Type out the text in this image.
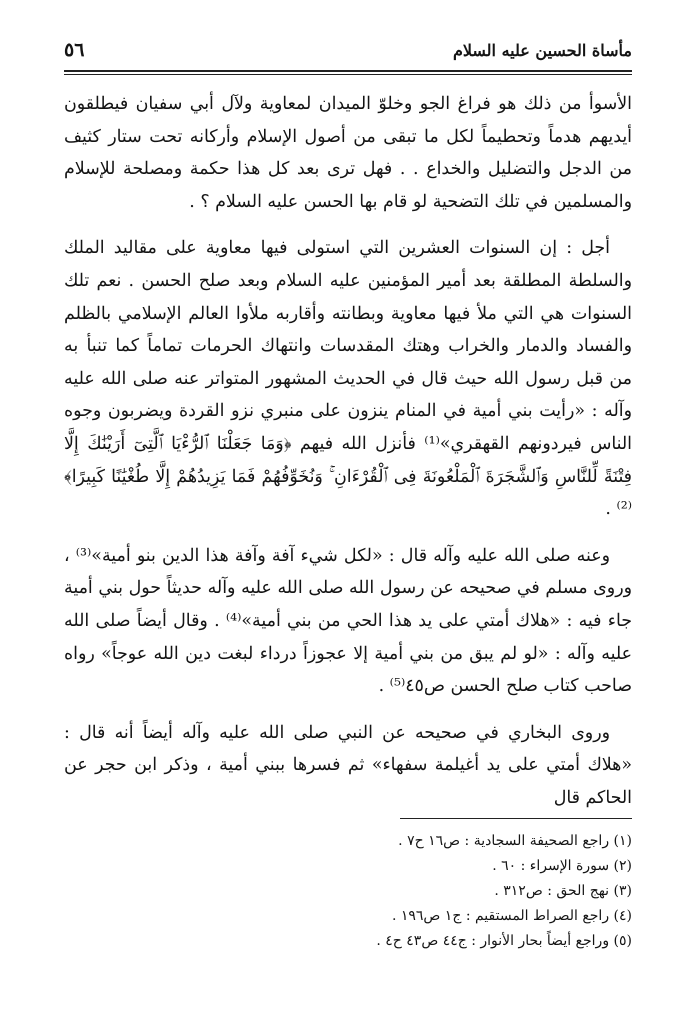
مأساة الحسين عليه السلام
٥٦

الأسوأ من ذلك هو فراغ الجو وخلوّ الميدان لمعاوية ولآل أبي سفيان فيطلقون أيديهم هدماً وتحطيماً لكل ما تبقى من أصول الإسلام وأركانه تحت ستار كثيف من الدجل والتضليل والخداع . . فهل ترى بعد كل هذا حكمة ومصلحة للإسلام والمسلمين في تلك التضحية لو قام بها الحسن عليه السلام ؟ .

أجل : إن السنوات العشرين التي استولى فيها معاوية على مقاليد الملك والسلطة المطلقة بعد أمير المؤمنين عليه السلام وبعد صلح الحسن . نعم تلك السنوات هي التي ملأ فيها معاوية وبطانته وأقاربه ملأوا العالم الإسلامي بالظلم والفساد والدمار والخراب وهتك المقدسات وانتهاك الحرمات تماماً كما تنبأ به من قبل رسول الله حيث قال في الحديث المشهور المتواتر عنه صلى الله عليه وآله : «رأيت بني أمية في المنام ينزون على منبري نزو القردة ويضربون وجوه الناس فيردونهم القهقري»⁽¹⁾ فأنزل الله فيهم ﴿وَمَا جَعَلْنَا ٱلرُّءْيَا ٱلَّتِىٓ أَرَيْنَٰكَ إِلَّا فِتْنَةً لِّلنَّاسِ وَٱلشَّجَرَةَ ٱلْمَلْعُونَةَ فِى ٱلْقُرْءَانِ ۚ وَنُخَوِّفُهُمْ فَمَا يَزِيدُهُمْ إِلَّا طُغْيَٰنًا كَبِيرًا﴾⁽²⁾ .

وعنه صلى الله عليه وآله قال : «لكل شيء آفة وآفة هذا الدين بنو أمية»⁽³⁾ ، وروى مسلم في صحيحه عن رسول الله صلى الله عليه وآله حديثاً حول بني أمية جاء فيه : «هلاك أمتي على يد هذا الحي من بني أمية»⁽⁴⁾ . وقال أيضاً صلى الله عليه وآله : «لو لم يبق من بني أمية إلا عجوزاً درداء لبغت دين الله عوجاً» رواه صاحب كتاب صلح الحسن ص٤٥⁽⁵⁾ .

وروى البخاري في صحيحه عن النبي صلى الله عليه وآله أيضاً أنه قال : «هلاك أمتي على يد أغيلمة سفهاء» ثم فسرها ببني أمية ، وذكر ابن حجر عن الحاكم قال

(١) راجع الصحيفة السجادية : ص١٦ ح٧ .

(٢) سورة الإسراء : ٦٠ .

(٣) نهج الحق : ص٣١٢ .

(٤) راجع الصراط المستقيم : ج١ ص١٩٦ .

(٥) وراجع أيضاً بحار الأنوار : ج٤٤ ص٤٣ ح٤ .
